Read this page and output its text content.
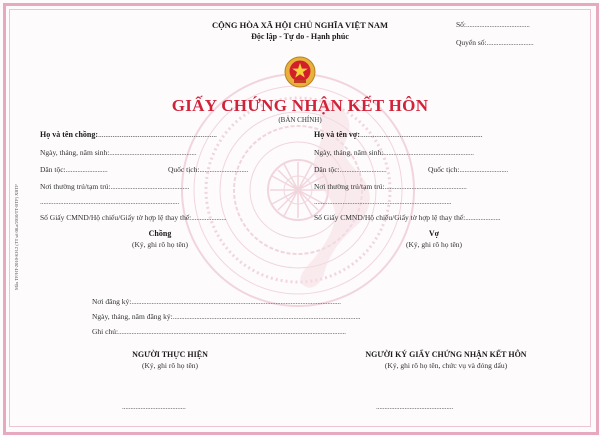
CỘNG HÒA XÃ HỘI CHỦ NGHĨA VIỆT NAM
Độc lập - Tự do - Hạnh phúc
Số:......................................
Quyển số:............................
GIẤY CHỨNG NHẬN KẾT HÔN
(BẢN CHÍNH)
Mẫu TP/HT-2010-KH.2 (TT số 08.a/2010/TT-BTP) XBTP
Họ và tên chồng:..................................................................
Ngày, tháng, năm sinh:....................................................
Dân tộc:.........................	Quốc tịch:.............................
Nơi thường trú/tạm trú:...............................................
...................................................................................
Số Giấy CMND/Hộ chiếu/Giấy tờ hợp lệ thay thế:.....................
Họ và tên vợ:....................................................................
Ngày, tháng, năm sinh:......................................................
Dân tộc:............................	Quốc tịch:.............................
Nơi thường trú/tạm trú:.................................................
..................................................................................
Số Giấy CMND/Hộ chiếu/Giấy tờ hợp lệ thay thế:.....................
Chồng
(Ký, ghi rõ họ tên)
Vợ
(Ký, ghi rõ họ tên)
Nơi đăng ký:.............................................................................................................................
Ngày, tháng, năm đăng ký:................................................................................................................
Ghi chú:........................................................................................................................................
NGƯỜI THỰC HIỆN
(Ký, ghi rõ họ tên)
NGƯỜI KÝ GIẤY CHỨNG NHẬN KẾT HÔN
(Ký, ghi rõ họ tên, chức vụ và đóng dấu)
......................................	..............................................
